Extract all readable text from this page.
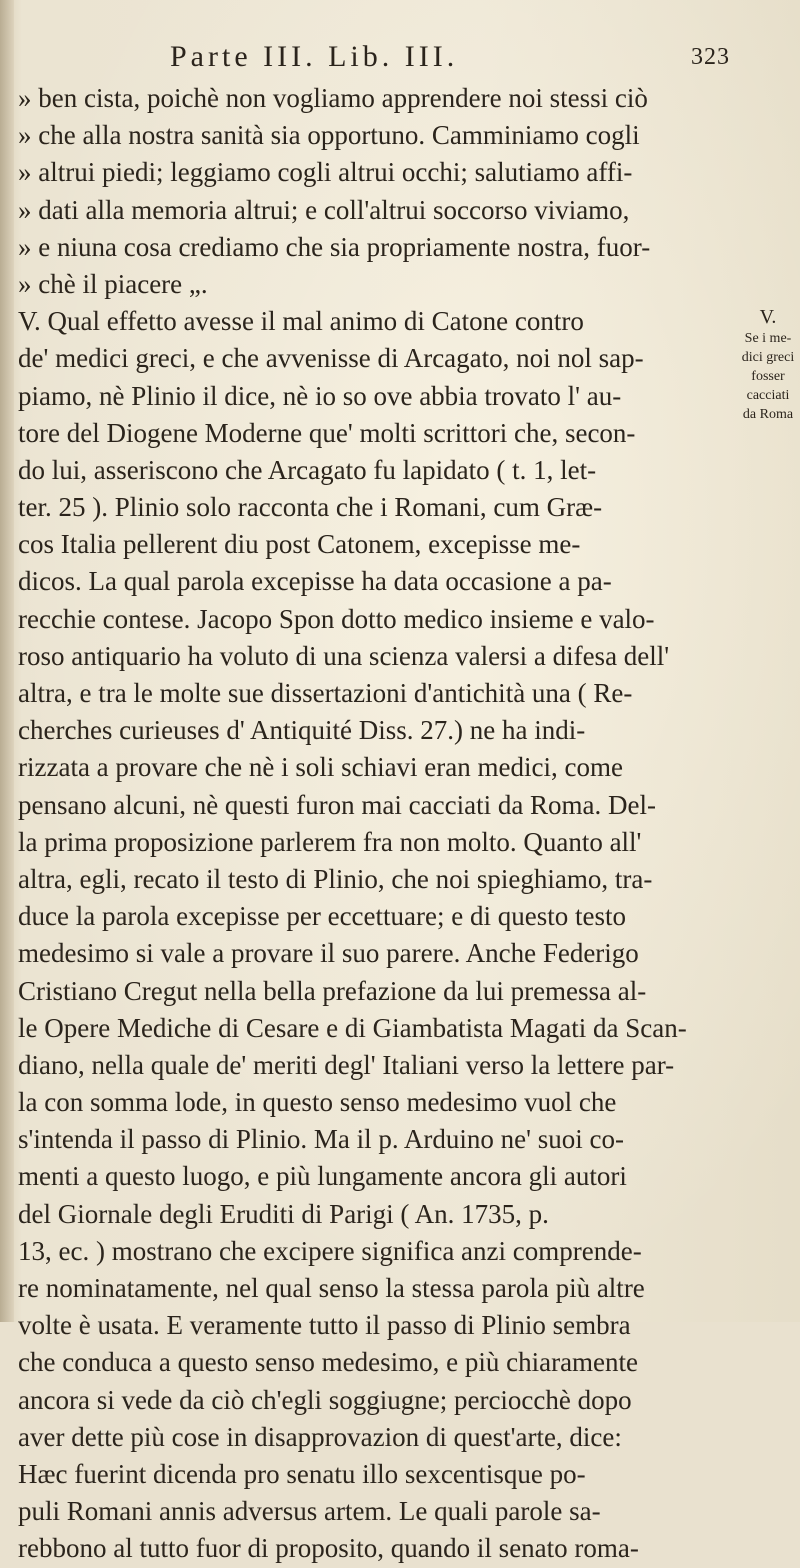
Parte III. Lib. III.	323
» ben cista, poichè non vogliamo apprendere noi stessi ciò
» che alla nostra sanità sia opportuno. Camminiamo cogli
» altrui piedi; leggiamo cogli altrui occhi; salutiamo affi-
» dati alla memoria altrui; e coll'altrui soccorso viviamo,
» e niuna cosa crediamo che sia propriamente nostra, fuor-
» chè il piacere „.
V. Qual effetto avesse il mal animo di Catone contro
de' medici greci, e che avvenisse di Arcagato, noi nol sap-
piamo, nè Plinio il dice, nè io so ove abbia trovato l' au-
tore del Diogene Moderne que' molti scrittori che, secon-
do lui, asseriscono che Arcagato fu lapidato ( t. 1, let-
ter. 25 ). Plinio solo racconta che i Romani, cum Græ-
cos Italia pellerent diu post Catonem, excepisse me-
dicos. La qual parola excepisse ha data occasione a pa-
recchie contese. Jacopo Spon dotto medico insieme e valo-
roso antiquario ha voluto di una scienza valersi a difesa dell'
altra, e tra le molte sue dissertazioni d'antichità una ( Re-
cherches curieuses d' Antiquité Diss. 27.) ne ha indi-
rizzata a provare che nè i soli schiavi eran medici, come
pensano alcuni, nè questi furon mai cacciati da Roma. Del-
la prima proposizione parlerem fra non molto. Quanto all'
altra, egli, recato il testo di Plinio, che noi spieghiamo, tra-
duce la parola excepisse per eccettuare; e di questo testo
medesimo si vale a provare il suo parere. Anche Federigo
Cristiano Cregut nella bella prefazione da lui premessa al-
le Opere Mediche di Cesare e di Giambatista Magati da Scan-
diano, nella quale de' meriti degl' Italiani verso la lettere par-
la con somma lode, in questo senso medesimo vuol che
s'intenda il passo di Plinio. Ma il p. Arduino ne' suoi co-
menti a questo luogo, e più lungamente ancora gli autori
del Giornale degli Eruditi di Parigi ( An. 1735, p.
13, ec. ) mostrano che excipere significa anzi comprende-
re nominatamente, nel qual senso la stessa parola più altre
volte è usata. E veramente tutto il passo di Plinio sembra
che conduca a questo senso medesimo, e più chiaramente
ancora si vede da ciò ch'egli soggiugne; perciocchè dopo
aver dette più cose in disapprovazion di quest'arte, dice:
Hæc fuerint dicenda pro senatu illo sexcentisque po-
puli Romani annis adversus artem. Le quali parole sa-
rebbono al tutto fuor di proposito, quando il senato roma-
V.
Se i me-
dici greci
fosser
cacciati
da Roma
